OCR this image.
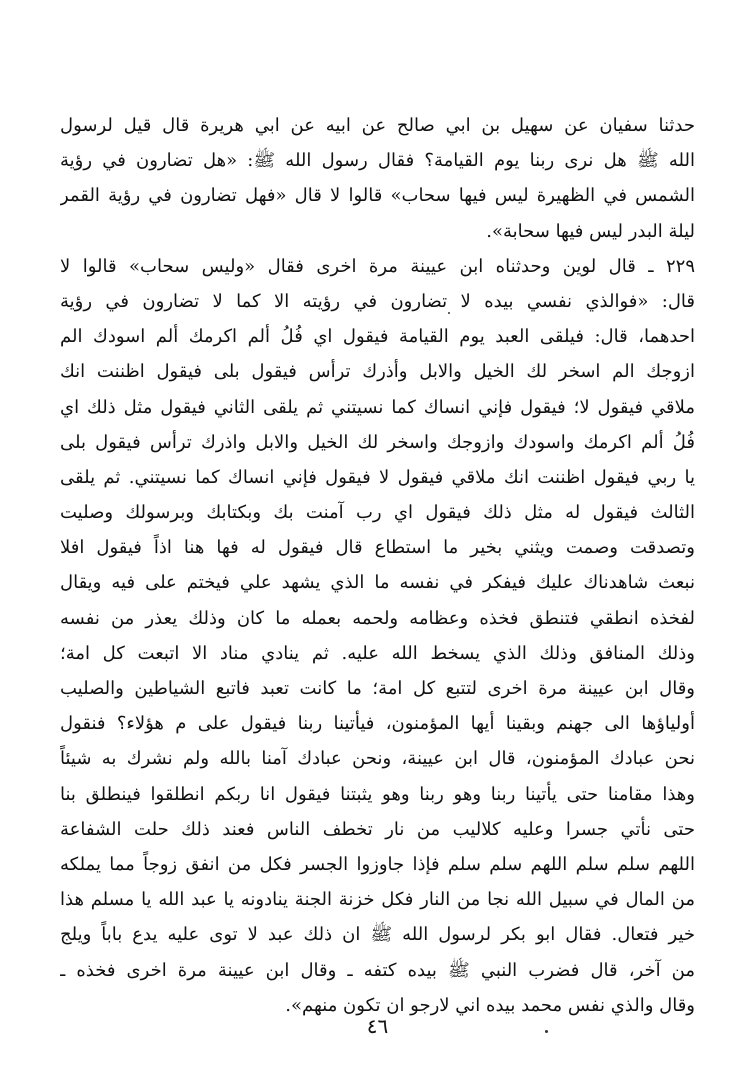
حدثنا سفيان عن سهيل بن ابي صالح عن ابيه عن ابي هريرة قال قيل لرسول
الله ﷺ هل نرى ربنا يوم القيامة؟ فقال رسول الله ﷺ: «هل تضارون في رؤية
الشمس في الظهيرة ليس فيها سحاب» قالوا لا قال «فهل تضارون في رؤية القمر
ليلة البدر ليس فيها سحابة».
٢٢٩ ـ قال لوين وحدثناه ابن عيينة مرة اخرى فقال «وليس سحاب» قالوا لا
قال: «فوالذي نفسي بيده لا تضارون في رؤيته الا كما لا تضارون في رؤية
احدهما، قال: فيلقى العبد يوم القيامة فيقول اي فُلُ ألم اكرمك ألم اسودك الم
ازوجك الم اسخر لك الخيل والابل وأذرك ترأس فيقول بلى فيقول اظننت انك
ملاقي فيقول لا؛ فيقول فإني انساك كما نسيتني ثم يلقى الثاني فيقول مثل ذلك اي
فُلُ ألم اكرمك واسودك وازوجك واسخر لك الخيل والابل واذرك ترأس فيقول بلى
يا ربي فيقول اظننت انك ملاقي فيقول لا فيقول فإني انساك كما نسيتني. ثم يلقى
الثالث فيقول له مثل ذلك فيقول اي رب آمنت بك وبكتابك وبرسولك وصليت
وتصدقت وصمت ويثني بخير ما استطاع قال فيقول له فها هنا اذاً فيقول افلا
نبعث شاهدناك عليك فيفكر في نفسه ما الذي يشهد علي فيختم على فيه ويقال
لفخذه انطقي فتنطق فخذه وعظامه ولحمه بعمله ما كان وذلك يعذر من نفسه
وذلك المنافق وذلك الذي يسخط الله عليه. ثم ينادي مناد الا اتبعت كل امة؛
وقال ابن عيينة مرة اخرى لتتبع كل امة؛ ما كانت تعبد فاتبع الشياطين والصليب
أولياؤها الى جهنم وبقينا أيها المؤمنون، فيأتينا ربنا فيقول على م هؤلاء؟ فنقول
نحن عبادك المؤمنون، قال ابن عيينة، ونحن عبادك آمنا بالله ولم نشرك به شيئاً
وهذا مقامنا حتى يأتينا ربنا وهو ربنا وهو يثبتنا فيقول انا ربكم انطلقوا فينطلق بنا
حتى نأتي جسرا وعليه كلاليب من نار تخطف الناس فعند ذلك حلت الشفاعة
اللهم سلم سلم اللهم سلم سلم فإذا جاوزوا الجسر فكل من انفق زوجاً مما يملكه
من المال في سبيل الله نجا من النار فكل خزنة الجنة ينادونه يا عبد الله يا مسلم هذا
خير فتعال. فقال ابو بكر لرسول الله ﷺ ان ذلك عبد لا توى عليه يدع باباً ويلج
من آخر، قال فضرب النبي ﷺ بيده كتفه ـ وقال ابن عيينة مرة اخرى فخذه ـ
وقال والذي نفس محمد بيده اني لارجو ان تكون منهم».
٤٦
